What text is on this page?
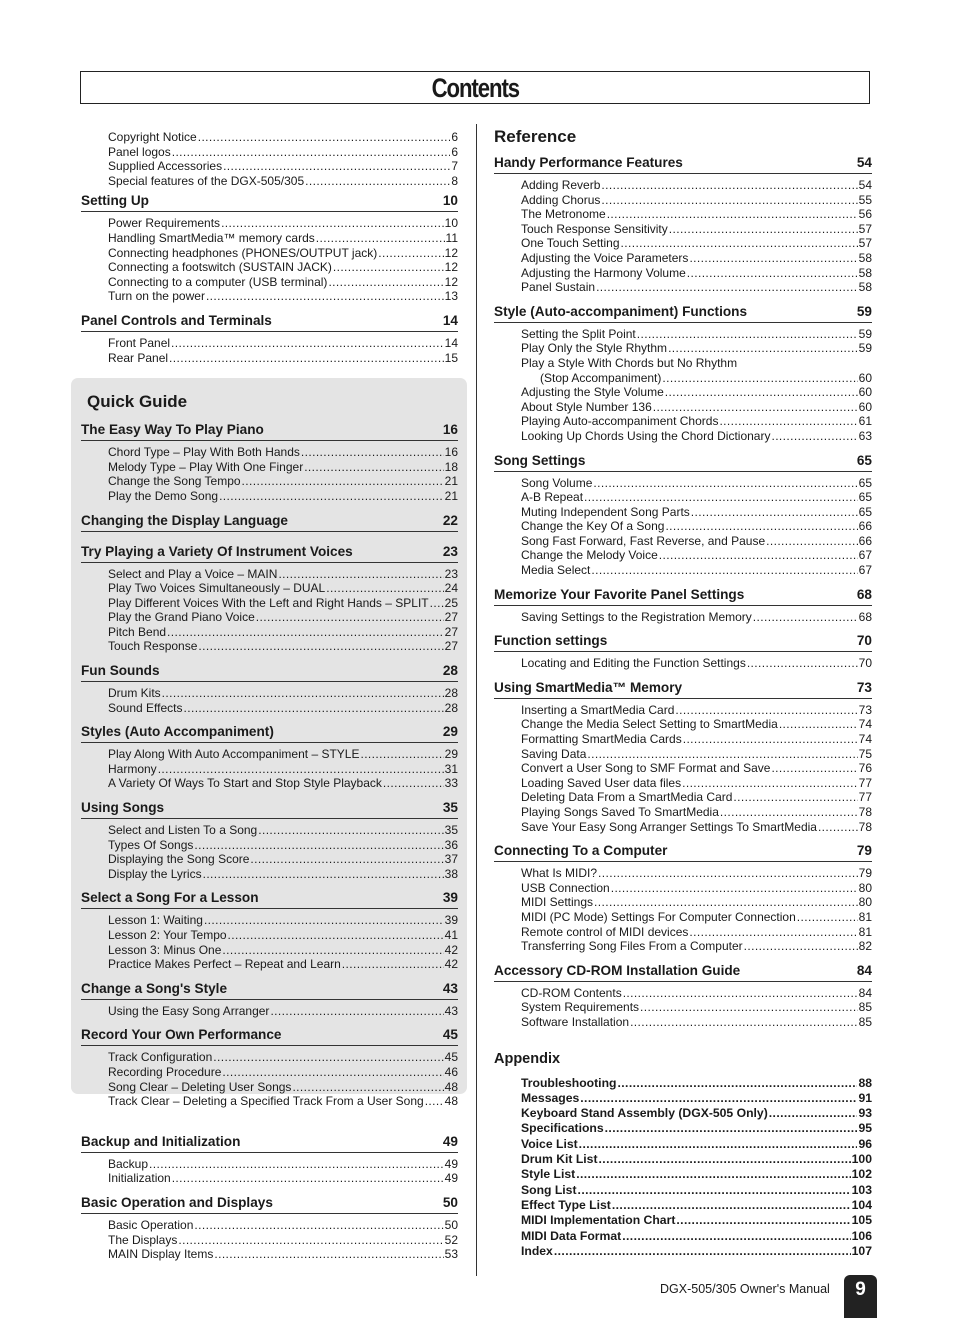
Contents
Copyright Notice .....	6
Panel logos .....	6
Supplied Accessories .....	7
Special features of the DGX-505/305 .....	8
Setting Up	10
Power Requirements .....	10
Handling SmartMedia™ memory cards .....	11
Connecting headphones (PHONES/OUTPUT jack) .....	12
Connecting a footswitch (SUSTAIN JACK) .....	12
Connecting to a computer (USB terminal) .....	12
Turn on the power .....	13
Panel Controls and Terminals	14
Front Panel .....	14
Rear Panel .....	15
Quick Guide
The Easy Way To Play Piano	16
Chord Type – Play With Both Hands .....	16
Melody Type – Play With One Finger .....	18
Change the Song Tempo .....	21
Play the Demo Song .....	21
Changing the Display Language	22
Try Playing a Variety Of Instrument Voices	23
Select and Play a Voice – MAIN .....	23
Play Two Voices Simultaneously – DUAL .....	24
Play Different Voices With the Left and Right Hands – SPLIT ..... 25
Play the Grand Piano Voice .....	27
Pitch Bend .....	27
Touch Response .....	27
Fun Sounds	28
Drum Kits .....	28
Sound Effects .....	28
Styles (Auto Accompaniment)	29
Play Along With Auto Accompaniment – STYLE .....	29
Harmony .....	31
A Variety Of Ways To Start and Stop Style Playback .....	33
Using Songs	35
Select and Listen To a Song .....	35
Types Of Songs .....	36
Displaying the Song Score .....	37
Display the Lyrics .....	38
Select a Song For a Lesson	39
Lesson 1: Waiting .....	39
Lesson 2: Your Tempo .....	41
Lesson 3: Minus One .....	42
Practice Makes Perfect – Repeat and Learn .....	42
Change a Song's Style	43
Using the Easy Song Arranger .....	43
Record Your Own Performance	45
Track Configuration .....	45
Recording Procedure .....	46
Song Clear – Deleting User Songs .....	48
Track Clear – Deleting a Specified Track From a User Song ..... 48
Backup and Initialization	49
Backup .....	49
Initialization .....	49
Basic Operation and Displays	50
Basic Operation .....	50
The Displays .....	52
MAIN Display Items .....	53
Reference
Handy Performance Features	54
Adding Reverb .....	54
Adding Chorus .....	55
The Metronome .....	56
Touch Response Sensitivity .....	57
One Touch Setting .....	57
Adjusting the Voice Parameters .....	58
Adjusting the Harmony Volume .....	58
Panel Sustain .....	58
Style (Auto-accompaniment) Functions	59
Setting the Split Point .....	59
Play Only the Style Rhythm .....	59
Play a Style With Chords but No Rhythm
(Stop Accompaniment) .....	60
Adjusting the Style Volume .....	60
About Style Number 136 .....	60
Playing Auto-accompaniment Chords .....	61
Looking Up Chords Using the Chord Dictionary .....	63
Song Settings	65
Song Volume .....	65
A-B Repeat .....	65
Muting Independent Song Parts .....	65
Change the Key Of a Song .....	66
Song Fast Forward, Fast Reverse, and Pause .....	66
Change the Melody Voice .....	67
Media Select .....	67
Memorize Your Favorite Panel Settings	68
Saving Settings to the Registration Memory .....	68
Function settings	70
Locating and Editing the Function Settings .....	70
Using SmartMedia™ Memory	73
Inserting a SmartMedia Card .....	73
Change the Media Select Setting to SmartMedia .....	74
Formatting SmartMedia Cards .....	74
Saving Data .....	75
Convert a User Song to SMF Format and Save .....	76
Loading Saved User data files .....	77
Deleting Data From a SmartMedia Card .....	77
Playing Songs Saved To SmartMedia .....	78
Save Your Easy Song Arranger Settings To SmartMedia .....	78
Connecting To a Computer	79
What Is MIDI? .....	79
USB Connection .....	80
MIDI Settings .....	80
MIDI (PC Mode) Settings For Computer Connection .....	81
Remote control of MIDI devices .....	81
Transferring Song Files From a Computer .....	82
Accessory CD-ROM Installation Guide	84
CD-ROM Contents .....	84
System Requirements .....	85
Software Installation .....	85
Appendix
Troubleshooting .....	88
Messages .....	91
Keyboard Stand Assembly (DGX-505 Only) .....	93
Specifications .....	95
Voice List .....	96
Drum Kit List .....	100
Style List .....	102
Song List .....	103
Effect Type List .....	104
MIDI Implementation Chart .....	105
MIDI Data Format .....	106
Index .....	107
DGX-505/305 Owner's Manual	9
